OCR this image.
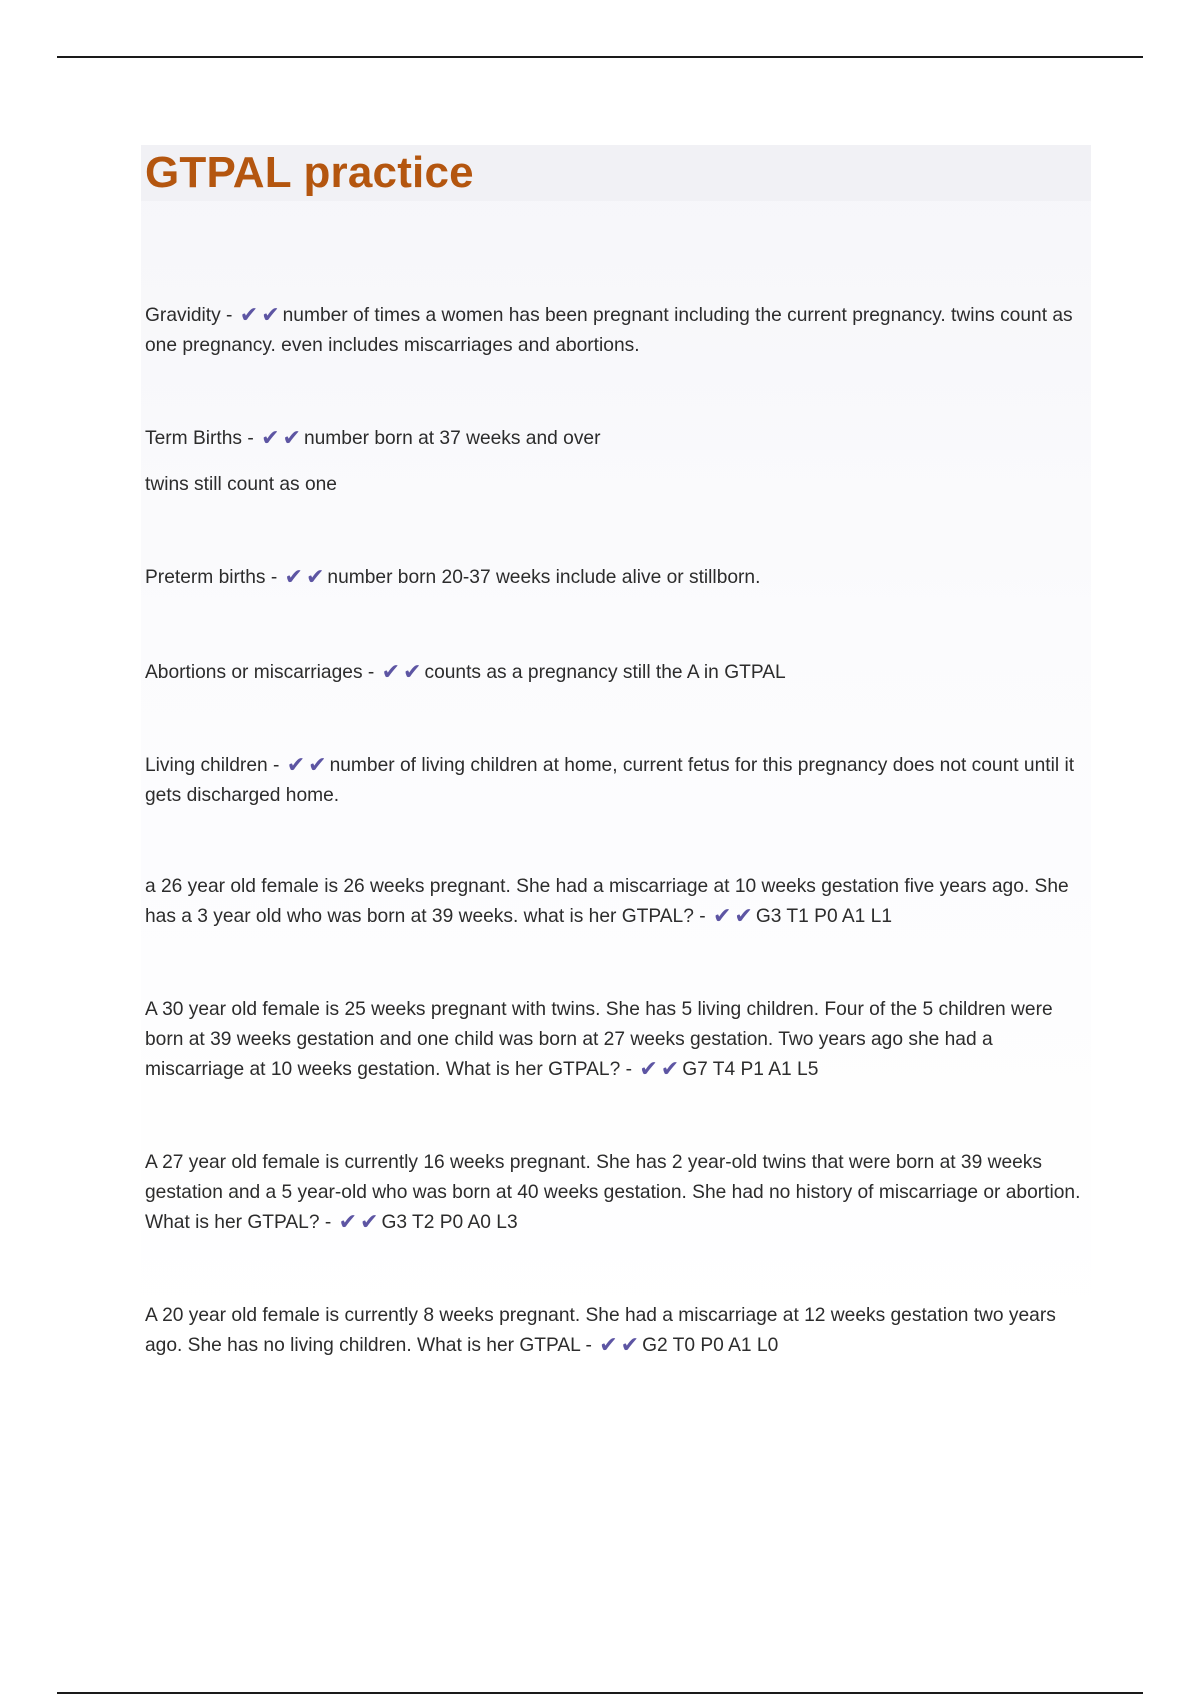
GTPAL practice

Gravidity - ✔ ✔ number of times a women has been pregnant including the current pregnancy. twins count as one pregnancy. even includes miscarriages and abortions.

Term Births - ✔ ✔ number born at 37 weeks and over

twins still count as one

Preterm births - ✔ ✔ number born 20-37 weeks include alive or stillborn.

Abortions or miscarriages - ✔ ✔ counts as a pregnancy still the A in GTPAL

Living children - ✔ ✔ number of living children at home, current fetus for this pregnancy does not count until it gets discharged home.

a 26 year old female is 26 weeks pregnant. She had a miscarriage at 10 weeks gestation five years ago. She has a 3 year old who was born at 39 weeks. what is her GTPAL? - ✔ ✔ G3 T1 P0 A1 L1

A 30 year old female is 25 weeks pregnant with twins. She has 5 living children. Four of the 5 children were born at 39 weeks gestation and one child was born at 27 weeks gestation. Two years ago she had a miscarriage at 10 weeks gestation. What is her GTPAL? - ✔ ✔ G7 T4 P1 A1 L5

A 27 year old female is currently 16 weeks pregnant. She has 2 year-old twins that were born at 39 weeks gestation and a 5 year-old who was born at 40 weeks gestation. She had no history of miscarriage or abortion. What is her GTPAL? - ✔ ✔ G3 T2 P0 A0 L3

A 20 year old female is currently 8 weeks pregnant. She had a miscarriage at 12 weeks gestation two years ago. She has no living children. What is her GTPAL - ✔ ✔ G2 T0 P0 A1 L0
